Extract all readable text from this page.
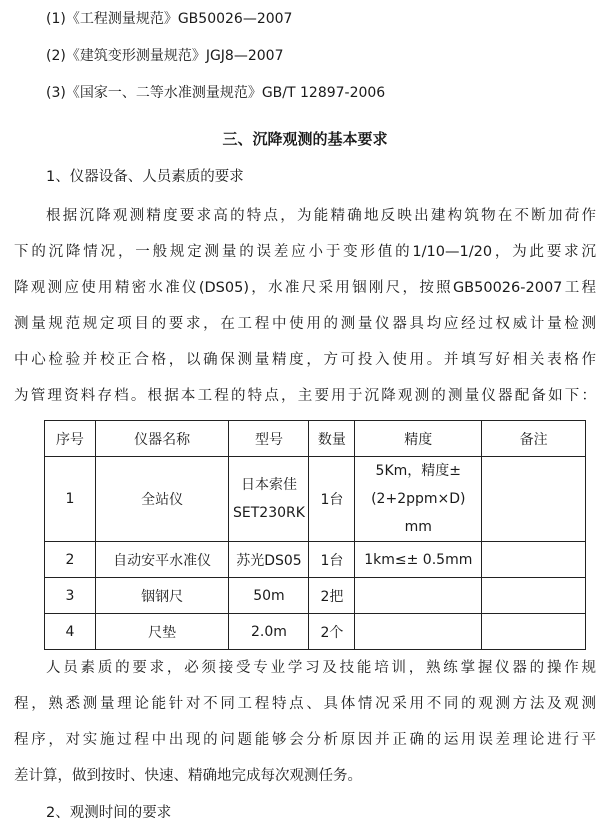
(1)《工程测量规范》GB50026—2007
(2)《建筑变形测量规范》JGJ8—2007
(3)《国家一、二等水准测量规范》GB/T 12897-2006
三、沉降观测的基本要求
1、仪器设备、人员素质的要求
根据沉降观测精度要求高的特点，为能精确地反映出建构筑物在不断加荷作
下的沉降情况，一般规定测量的误差应小于变形值的1/10—1/20，为此要求沉
降观测应使用精密水准仪(DS05)，水准尺采用铟刚尺，按照GB50026-2007工程
测量规范规定项目的要求，在工程中使用的测量仪器具均应经过权威计量检测
中心检验并校正合格，以确保测量精度，方可投入使用。并填写好相关表格作
为管理资料存档。根据本工程的特点，主要用于沉降观测的测量仪器配备如下：
序号	仪器名称	型号	数量	精度	备注
1	全站仪	日本索佳
SET230RK	1台	5Km，精度±
(2+2ppm×D) mm	

2	自动安平水准仪	苏光DS05	1台	1km≤± 0.5mm	
3	铟钢尺	50m	2把		
4	尺垫	2.0m	2个		
人员素质的要求，必须接受专业学习及技能培训，熟练掌握仪器的操作规
程，熟悉测量理论能针对不同工程特点、具体情况采用不同的观测方法及观测
程序，对实施过程中出现的问题能够会分析原因并正确的运用误差理论进行平
差计算，做到按时、快速、精确地完成每次观测任务。
2、观测时间的要求
